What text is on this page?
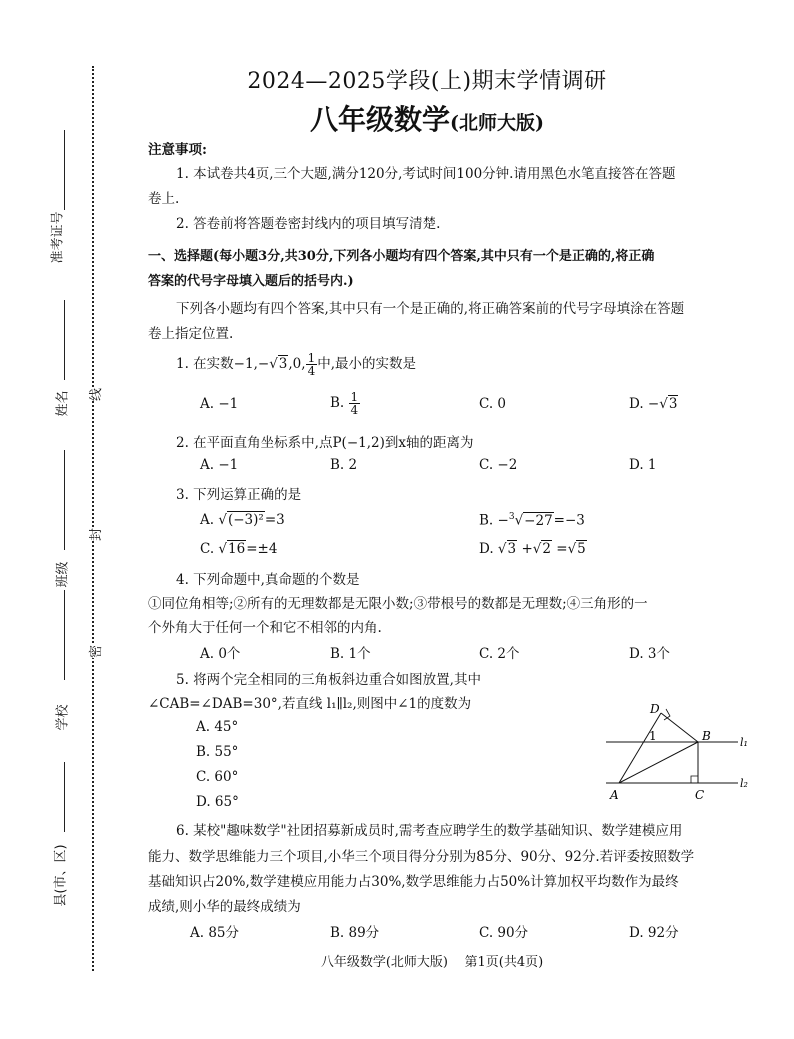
准考证号
姓名
班级
学校
县(市、区)
线
封
密
2024—2025学段(上)期末学情调研
八年级数学(北师大版)
注意事项:
1. 本试卷共4页,三个大题,满分120分,考试时间100分钟.请用黑色水笔直接答在答题
卷上.
2. 答卷前将答题卷密封线内的项目填写清楚.
一、选择题(每小题3分,共30分,下列各小题均有四个答案,其中只有一个是正确的,将正确
答案的代号字母填入题后的括号内.)
下列各小题均有四个答案,其中只有一个是正确的,将正确答案前的代号字母填涂在答题
卷上指定位置.
1. 在实数−1,−√3,0, $\frac{1}{4}$ 中,最小的实数是
A. −1	B. $\frac{1}{4}$	C. 0	D. −√3
2. 在平面直角坐标系中,点P(−1,2)到x轴的距离为
A. −1	B. 2	C. −2	D. 1
3. 下列运算正确的是
A. √(−3)²=3	B. −$^3$√−27=−3
C. √16=±4	D. √3 +√2 =√5
4. 下列命题中,真命题的个数是
①同位角相等;②所有的无理数都是无限小数;③带根号的数都是无理数;④三角形的一
个外角大于任何一个和它不相邻的内角.
A. 0个	B. 1个	C. 2个	D. 3个
5. 将两个完全相同的三角板斜边重合如图放置,其中
∠CAB=∠DAB=30°,若直线 l₁∥l₂,则图中∠1的度数为
A. 45°
B. 55°
C. 60°
D. 65°
D
B
A	C
1	l₁
l₂
6. 某校"趣味数学"社团招募新成员时,需考查应聘学生的数学基础知识、数学建模应用
能力、数学思维能力三个项目,小华三个项目得分分别为85分、90分、92分.若评委按照数学
基础知识占20%,数学建模应用能力占30%,数学思维能力占50%计算加权平均数作为最终
成绩,则小华的最终成绩为
A. 85分	B. 89分	C. 90分	D. 92分
八年级数学(北师大版)    第1页(共4页)
